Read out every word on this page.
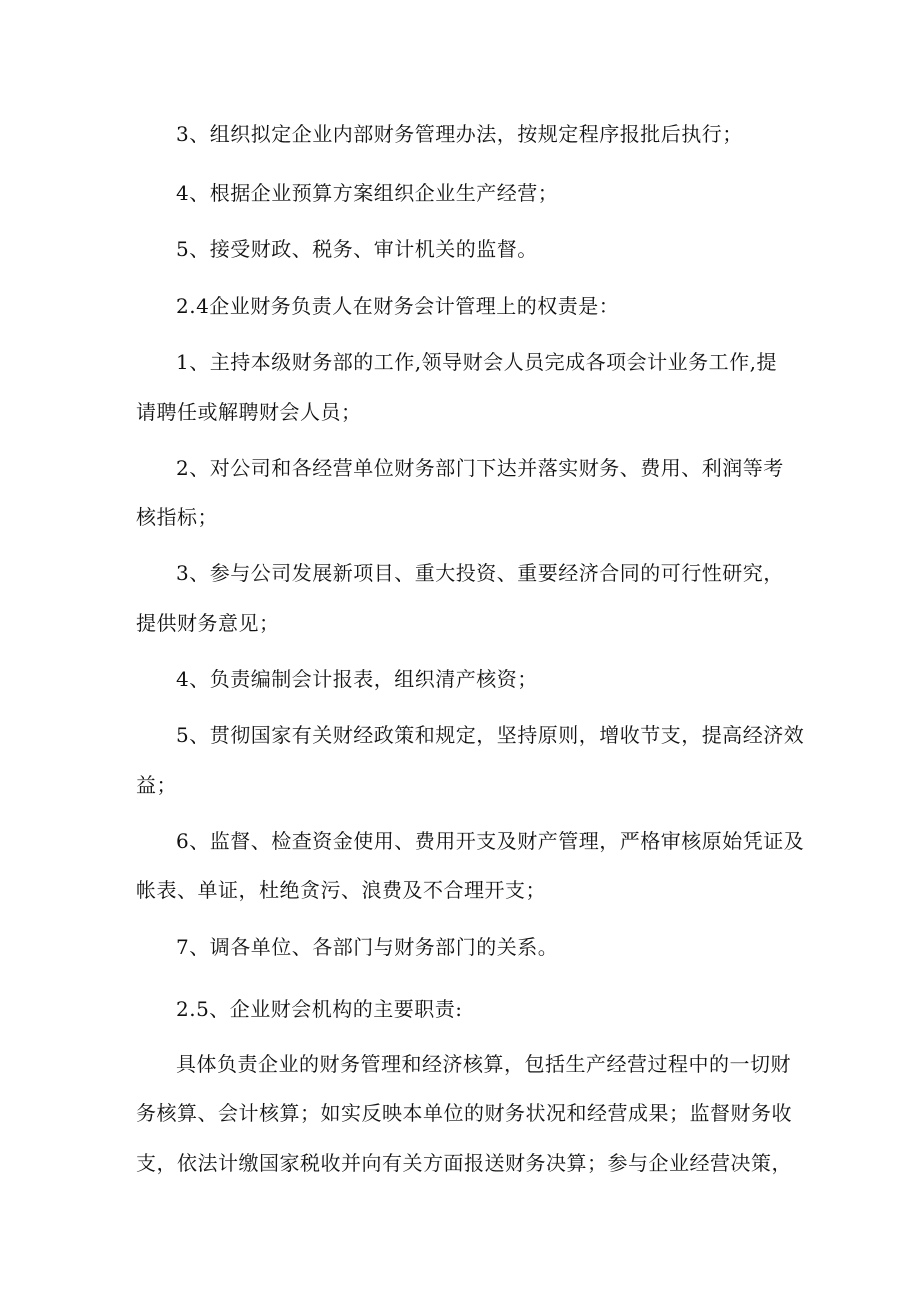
3、组织拟定企业内部财务管理办法，按规定程序报批后执行；
4、根据企业预算方案组织企业生产经营；
5、接受财政、税务、审计机关的监督。
2.4企业财务负责人在财务会计管理上的权责是：
1、主持本级财务部的工作,领导财会人员完成各项会计业务工作,提
请聘任或解聘财会人员；
2、对公司和各经营单位财务部门下达并落实财务、费用、利润等考
核指标；
3、参与公司发展新项目、重大投资、重要经济合同的可行性研究，
提供财务意见；
4、负责编制会计报表，组织清产核资；
5、贯彻国家有关财经政策和规定，坚持原则，增收节支，提高经济效
益；
6、监督、检查资金使用、费用开支及财产管理，严格审核原始凭证及
帐表、单证，杜绝贪污、浪费及不合理开支；
7、调各单位、各部门与财务部门的关系。
2.5、企业财会机构的主要职责:
具体负责企业的财务管理和经济核算，包括生产经营过程中的一切财
务核算、会计核算；如实反映本单位的财务状况和经营成果；监督财务收
支，依法计缴国家税收并向有关方面报送财务决算；参与企业经营决策，
